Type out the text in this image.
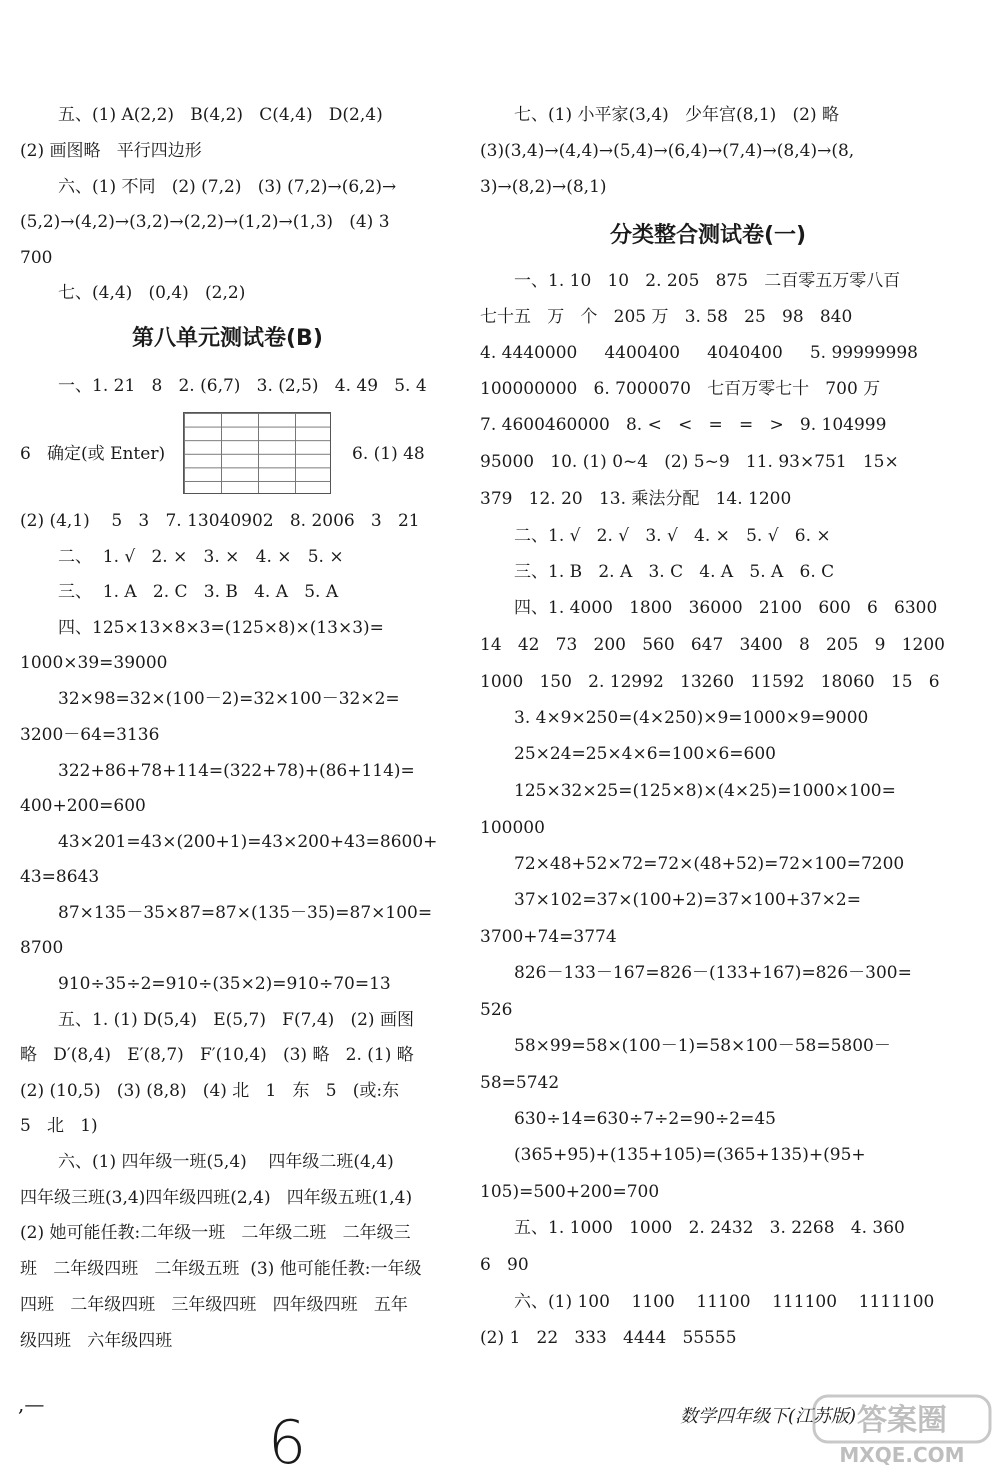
五、(1) A(2,2)   B(4,2)   C(4,4)   D(2,4)
(2) 画图略   平行四边形
六、(1) 不同   (2) (7,2)   (3) (7,2)→(6,2)→
(5,2)→(4,2)→(3,2)→(2,2)→(1,2)→(1,3)   (4) 3
700
七、(4,4)   (0,4)   (2,2)
第八单元测试卷(B)
一、1. 21   8   2. (6,7)   3. (2,5)   4. 49   5. 4
6   确定(或 Enter)	6. (1) 48
(2) (4,1)    5   3   7. 13040902   8. 2006   3   21
二、  1. √   2. ×   3. ×   4. ×   5. ×
三、  1. A   2. C   3. B   4. A   5. A
四、125×13×8×3=(125×8)×(13×3)=
1000×39=39000
32×98=32×(100－2)=32×100－32×2=
3200－64=3136
322+86+78+114=(322+78)+(86+114)=
400+200=600
43×201=43×(200+1)=43×200+43=8600+
43=8643
87×135－35×87=87×(135－35)=87×100=
8700
910÷35÷2=910÷(35×2)=910÷70=13
五、1. (1) D(5,4)   E(5,7)   F(7,4)   (2) 画图
略   D′(8,4)   E′(8,7)   F′(10,4)   (3) 略   2. (1) 略
(2) (10,5)   (3) (8,8)   (4) 北   1   东   5   (或:东
5   北   1)
六、(1) 四年级一班(5,4)    四年级二班(4,4)
四年级三班(3,4)四年级四班(2,4)   四年级五班(1,4)
(2) 她可能任教:二年级一班   二年级二班   二年级三
班   二年级四班   二年级五班  (3) 他可能任教:一年级
四班   二年级四班   三年级四班   四年级四班   五年
级四班   六年级四班
七、(1) 小平家(3,4)   少年宫(8,1)   (2) 略
(3)(3,4)→(4,4)→(5,4)→(6,4)→(7,4)→(8,4)→(8,
3)→(8,2)→(8,1)
分类整合测试卷(一)
一、1. 10   10   2. 205   875   二百零五万零八百
七十五   万   个   205 万   3. 58   25   98   840
4. 4440000     4400400     4040400     5. 99999998
100000000   6. 7000070   七百万零七十   700 万
7. 4600460000   8. <   <   =   =   >   9. 104999
95000   10. (1) 0~4   (2) 5~9   11. 93×751   15×
379   12. 20   13. 乘法分配   14. 1200
二、1. √   2. √   3. √   4. ×   5. √   6. ×
三、1. B   2. A   3. C   4. A   5. A   6. C
四、1. 4000   1800   36000   2100   600   6   6300
14   42   73   200   560   647   3400   8   205   9   1200
1000   150   2. 12992   13260   11592   18060   15   6
3. 4×9×250=(4×250)×9=1000×9=9000
25×24=25×4×6=100×6=600
125×32×25=(125×8)×(4×25)=1000×100=
100000
72×48+52×72=72×(48+52)=72×100=7200
37×102=37×(100+2)=37×100+37×2=
3700+74=3774
826－133－167=826－(133+167)=826－300=
526
58×99=58×(100－1)=58×100－58=5800－
58=5742
630÷14=630÷7÷2=90÷2=45
(365+95)+(135+105)=(365+135)+(95+
105)=500+200=700
五、1. 1000   1000   2. 2432   3. 2268   4. 360
6   90
六、(1) 100    1100    11100    111100    1111100
(2) 1   22   333   4444   55555
,—
6	数学四年级下(江苏版) 答案圈
MXQE.COM
